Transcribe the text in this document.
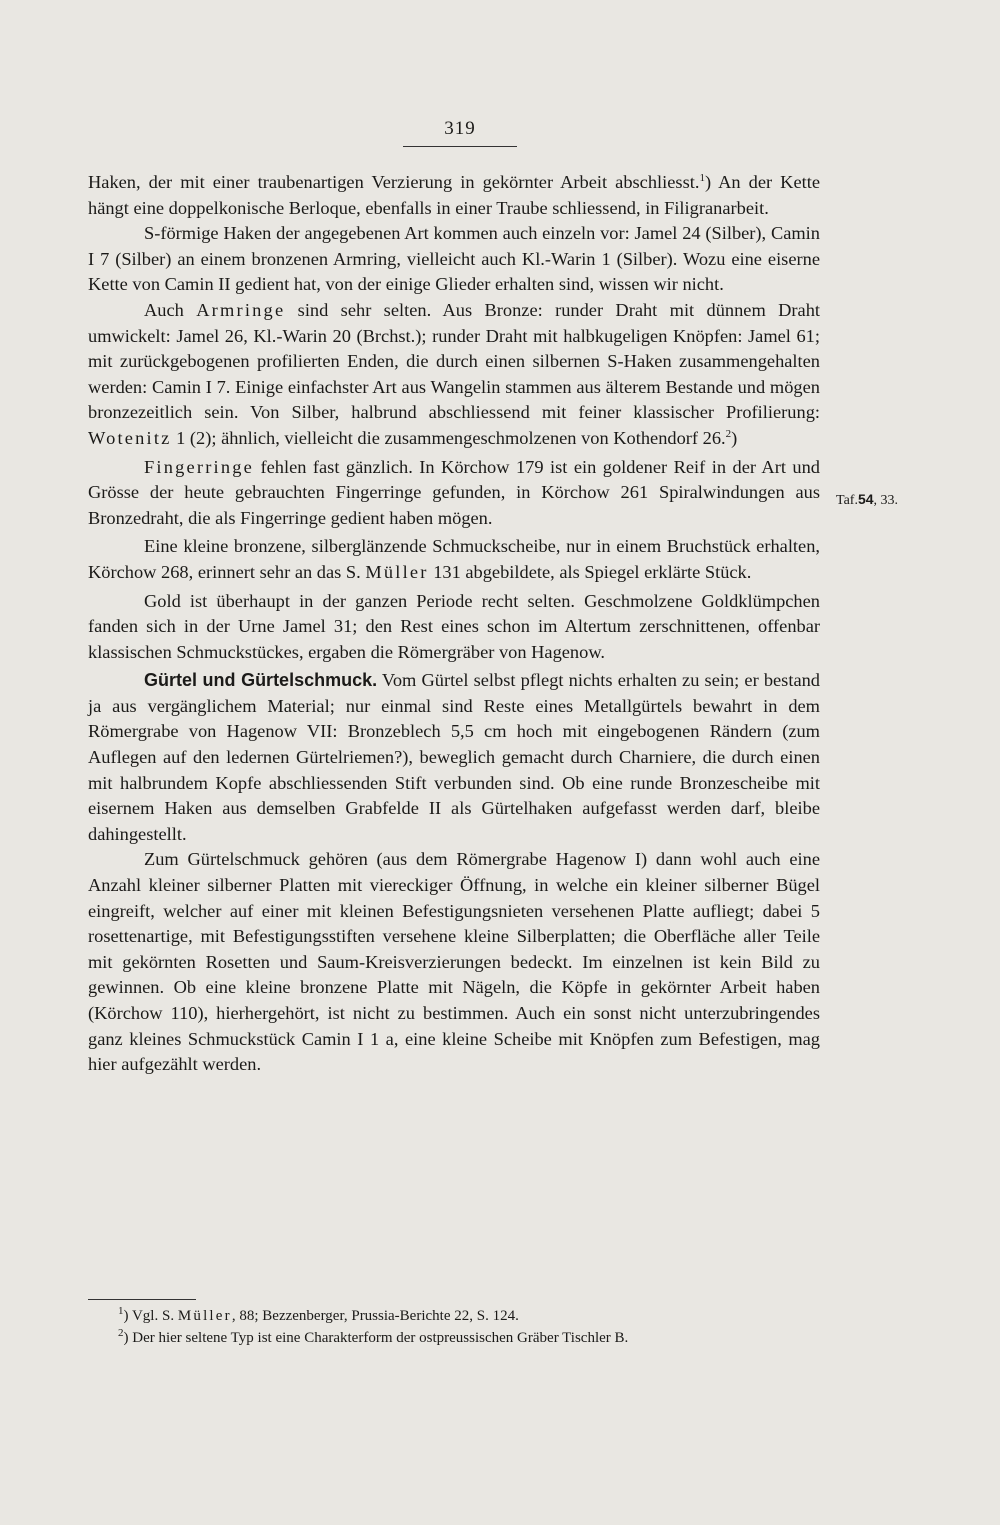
319

Haken, der mit einer traubenartigen Verzierung in gekörnter Arbeit abschliesst.$^1$) An der Kette hängt eine doppelkonische Berloque, ebenfalls in einer Traube schliessend, in Filigranarbeit.

S-förmige Haken der angegebenen Art kommen auch einzeln vor: Jamel 24 (Silber), Camin I 7 (Silber) an einem bronzenen Armring, vielleicht auch Kl.-Warin 1 (Silber). Wozu eine eiserne Kette von Camin II gedient hat, von der einige Glieder erhalten sind, wissen wir nicht.

Auch Armringe sind sehr selten. Aus Bronze: runder Draht mit dünnem Draht umwickelt: Jamel 26, Kl.-Warin 20 (Brchst.); runder Draht mit halbkugeligen Knöpfen: Jamel 61; mit zurückgebogenen profilierten Enden, die durch einen silbernen S-Haken zusammengehalten werden: Camin I 7. Einige einfachster Art aus Wangelin stammen aus älterem Bestande und mögen bronzezeitlich sein. Von Silber, halbrund abschliessend mit feiner klassischer Profilierung: Wotenitz 1 (2); ähnlich, vielleicht die zusammengeschmolzenen von Kothendorf 26.$^2$)

Fingerringe fehlen fast gänzlich. In Körchow 179 ist ein goldener Reif in der Art und Grösse der heute gebrauchten Fingerringe gefunden, in Körchow 261 Spiralwindungen aus Bronzedraht, die als Fingerringe gedient haben mögen.

Eine kleine bronzene, silberglänzende Schmuckscheibe, nur in einem Bruchstück erhalten, Körchow 268, erinnert sehr an das S. Müller 131 abgebildete, als Spiegel erklärte Stück.

Gold ist überhaupt in der ganzen Periode recht selten. Geschmolzene Goldklümpchen fanden sich in der Urne Jamel 31; den Rest eines schon im Altertum zerschnittenen, offenbar klassischen Schmuckstückes, ergaben die Römergräber von Hagenow.

Gürtel und Gürtelschmuck. Vom Gürtel selbst pflegt nichts erhalten zu sein; er bestand ja aus vergänglichem Material; nur einmal sind Reste eines Metallgürtels bewahrt in dem Römergrabe von Hagenow VII: Bronzeblech 5,5 cm hoch mit eingebogenen Rändern (zum Auflegen auf den ledernen Gürtelriemen?), beweglich gemacht durch Charniere, die durch einen mit halbrundem Kopfe abschliessenden Stift verbunden sind. Ob eine runde Bronzescheibe mit eisernem Haken aus demselben Grabfelde II als Gürtelhaken aufgefasst werden darf, bleibe dahingestellt.

Zum Gürtelschmuck gehören (aus dem Römergrabe Hagenow I) dann wohl auch eine Anzahl kleiner silberner Platten mit viereckiger Öffnung, in welche ein kleiner silberner Bügel eingreift, welcher auf einer mit kleinen Befestigungsnieten versehenen Platte aufliegt; dabei 5 rosettenartige, mit Befestigungsstiften versehene kleine Silberplatten; die Oberfläche aller Teile mit gekörnten Rosetten und Saum-Kreisverzierungen bedeckt. Im einzelnen ist kein Bild zu gewinnen. Ob eine kleine bronzene Platte mit Nägeln, die Köpfe in gekörnter Arbeit haben (Körchow 110), hierhergehört, ist nicht zu bestimmen. Auch ein sonst nicht unterzubringendes ganz kleines Schmuckstück Camin I 1 a, eine kleine Scheibe mit Knöpfen zum Befestigen, mag hier aufgezählt werden.

Taf.54, 33.
$^1$) Vgl. S. Müller, 88; Bezzenberger, Prussia-Berichte 22, S. 124.
$^2$) Der hier seltene Typ ist eine Charakterform der ostpreussischen Gräber Tischler B.
